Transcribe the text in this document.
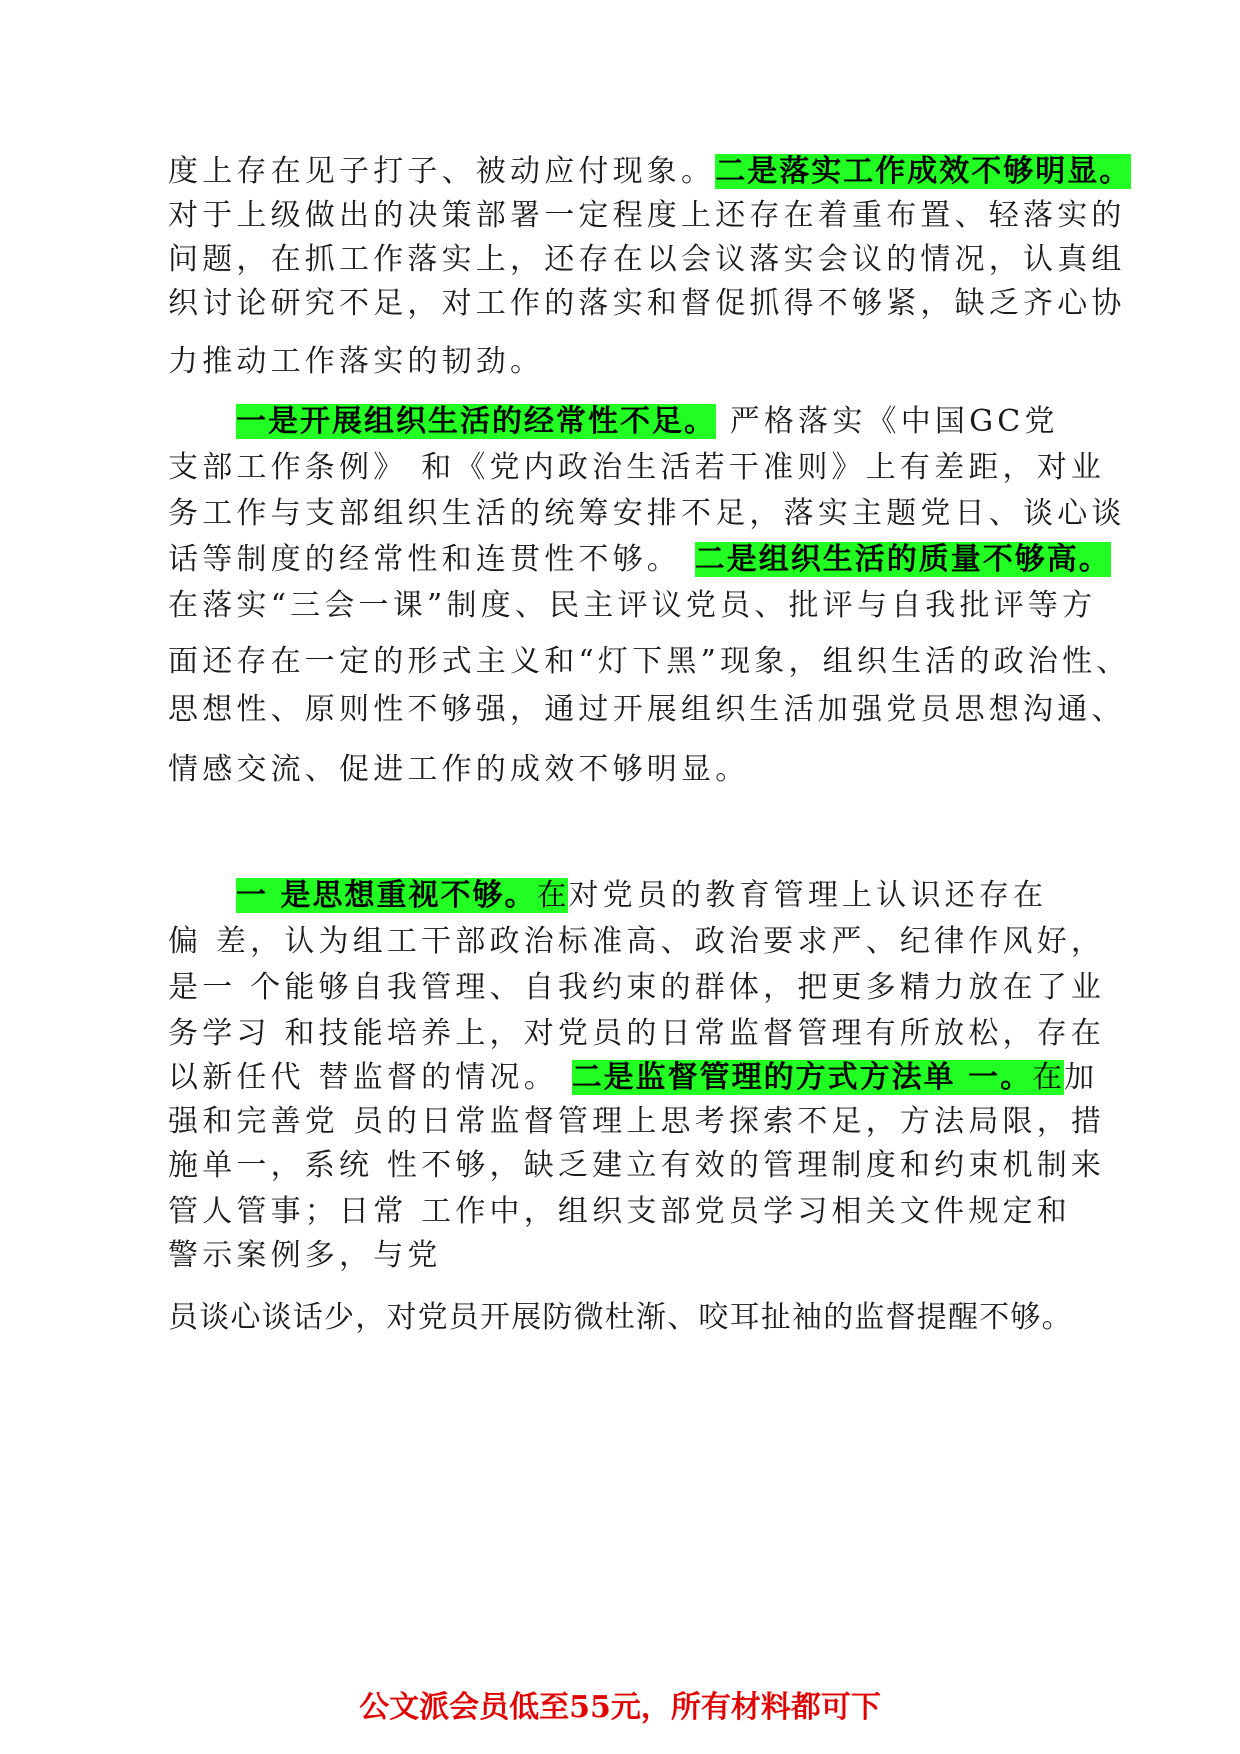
度上存在见子打子、被动应付现象。二是落实工作成效不够明显。
对于上级做出的决策部署一定程度上还存在着重布置、轻落实的
问题，在抓工作落实上，还存在以会议落实会议的情况，认真组
织讨论研究不足，对工作的落实和督促抓得不够紧，缺乏齐心协
力推动工作落实的韧劲。
一是开展组织生活的经常性不足。 严格落实《中国GC党
支部工作条例》 和《党内政治生活若干准则》上有差距，对业
务工作与支部组织生活的统筹安排不足，落实主题党日、谈心谈
话等制度的经常性和连贯性不够。 二是组织生活的质量不够高。
在落实“三会一课”制度、民主评议党员、批评与自我批评等方
面还存在一定的形式主义和“灯下黑”现象，组织生活的政治性、
思想性、原则性不够强，通过开展组织生活加强党员思想沟通、
情感交流、促进工作的成效不够明显。
一 是思想重视不够。在对党员的教育管理上认识还存在
偏 差，认为组工干部政治标准高、政治要求严、纪律作风好，
是一 个能够自我管理、自我约束的群体，把更多精力放在了业
务学习 和技能培养上，对党员的日常监督管理有所放松，存在
以新任代 替监督的情况。 二是监督管理的方式方法单 一。在加
强和完善党 员的日常监督管理上思考探索不足，方法局限，措
施单一，系统 性不够，缺乏建立有效的管理制度和约束机制来
管人管事；日常 工作中，组织支部党员学习相关文件规定和
警示案例多，与党
员谈心谈话少，对党员开展防微杜渐、咬耳扯袖的监督提醒不够。
公文派会员低至55元，所有材料都可下
